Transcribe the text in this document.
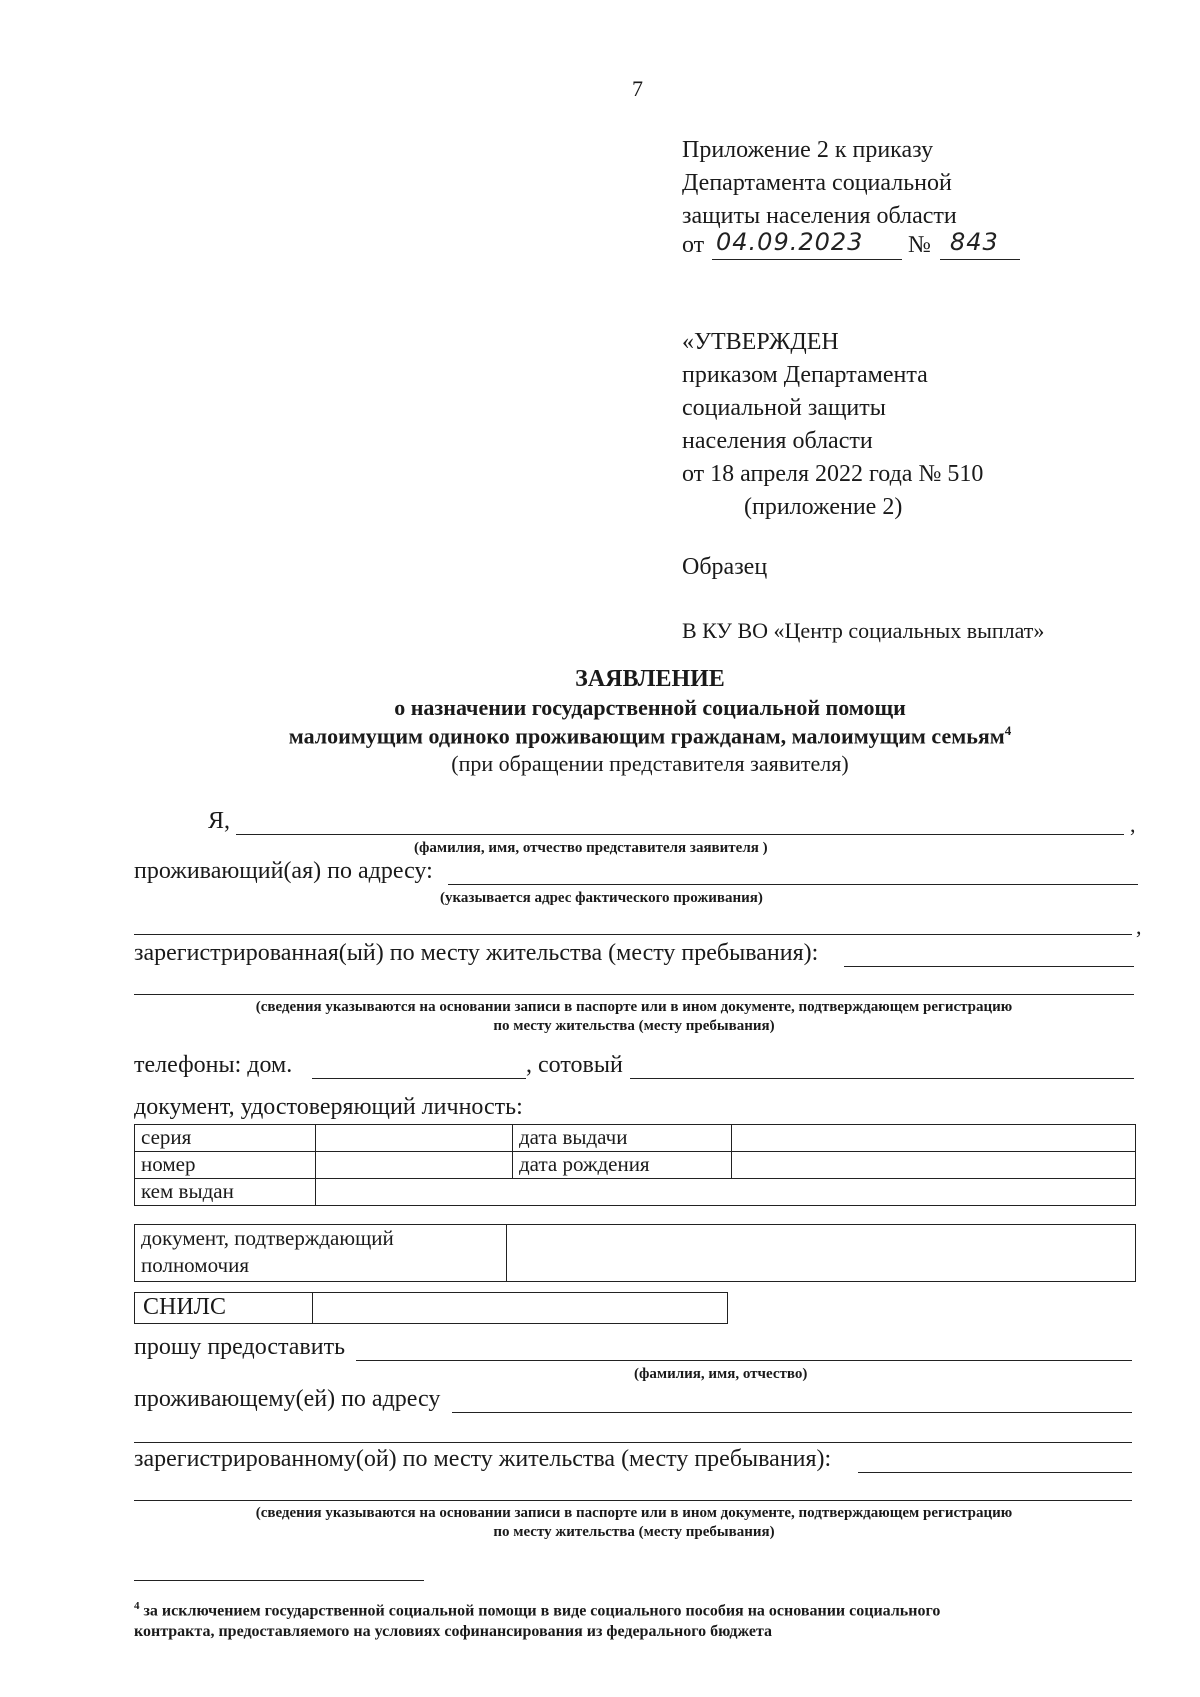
7
Приложение 2 к приказу
Департамента социальной
защиты населения области
от 04.09.2023 № 843
«УТВЕРЖДЕН
приказом Департамента
социальной защиты
населения области
от 18 апреля 2022 года № 510
(приложение 2)
Образец
В КУ ВО «Центр социальных выплат»
ЗАЯВЛЕНИЕ
о назначении государственной социальной помощи
малоимущим одиноко проживающим гражданам, малоимущим семьям$^4$
(при обращении представителя заявителя)
Я,	,
(фамилия, имя, отчество представителя заявителя )
проживающий(ая) по адресу:
(указывается адрес фактического проживания)
,
зарегистрированная(ый) по месту жительства (месту пребывания):
(сведения указываются на основании записи в паспорте или в ином документе, подтверждающем регистрацию
по месту жительства (месту пребывания)
телефоны: дом.	, сотовый
документ, удостоверяющий личность:
серия		дата выдачи	
номер		дата рождения	
кем выдан			
документ, подтверждающий
полномочия
СНИЛС
прошу предоставить
(фамилия, имя, отчество)
проживающему(ей) по адресу
зарегистрированному(ой) по месту жительства (месту пребывания):
(сведения указываются на основании записи в паспорте или в ином документе, подтверждающем регистрацию
по месту жительства (месту пребывания)
$^4$ за исключением государственной социальной помощи в виде социального пособия на основании социального
контракта, предоставляемого на условиях софинансирования из федерального бюджета
